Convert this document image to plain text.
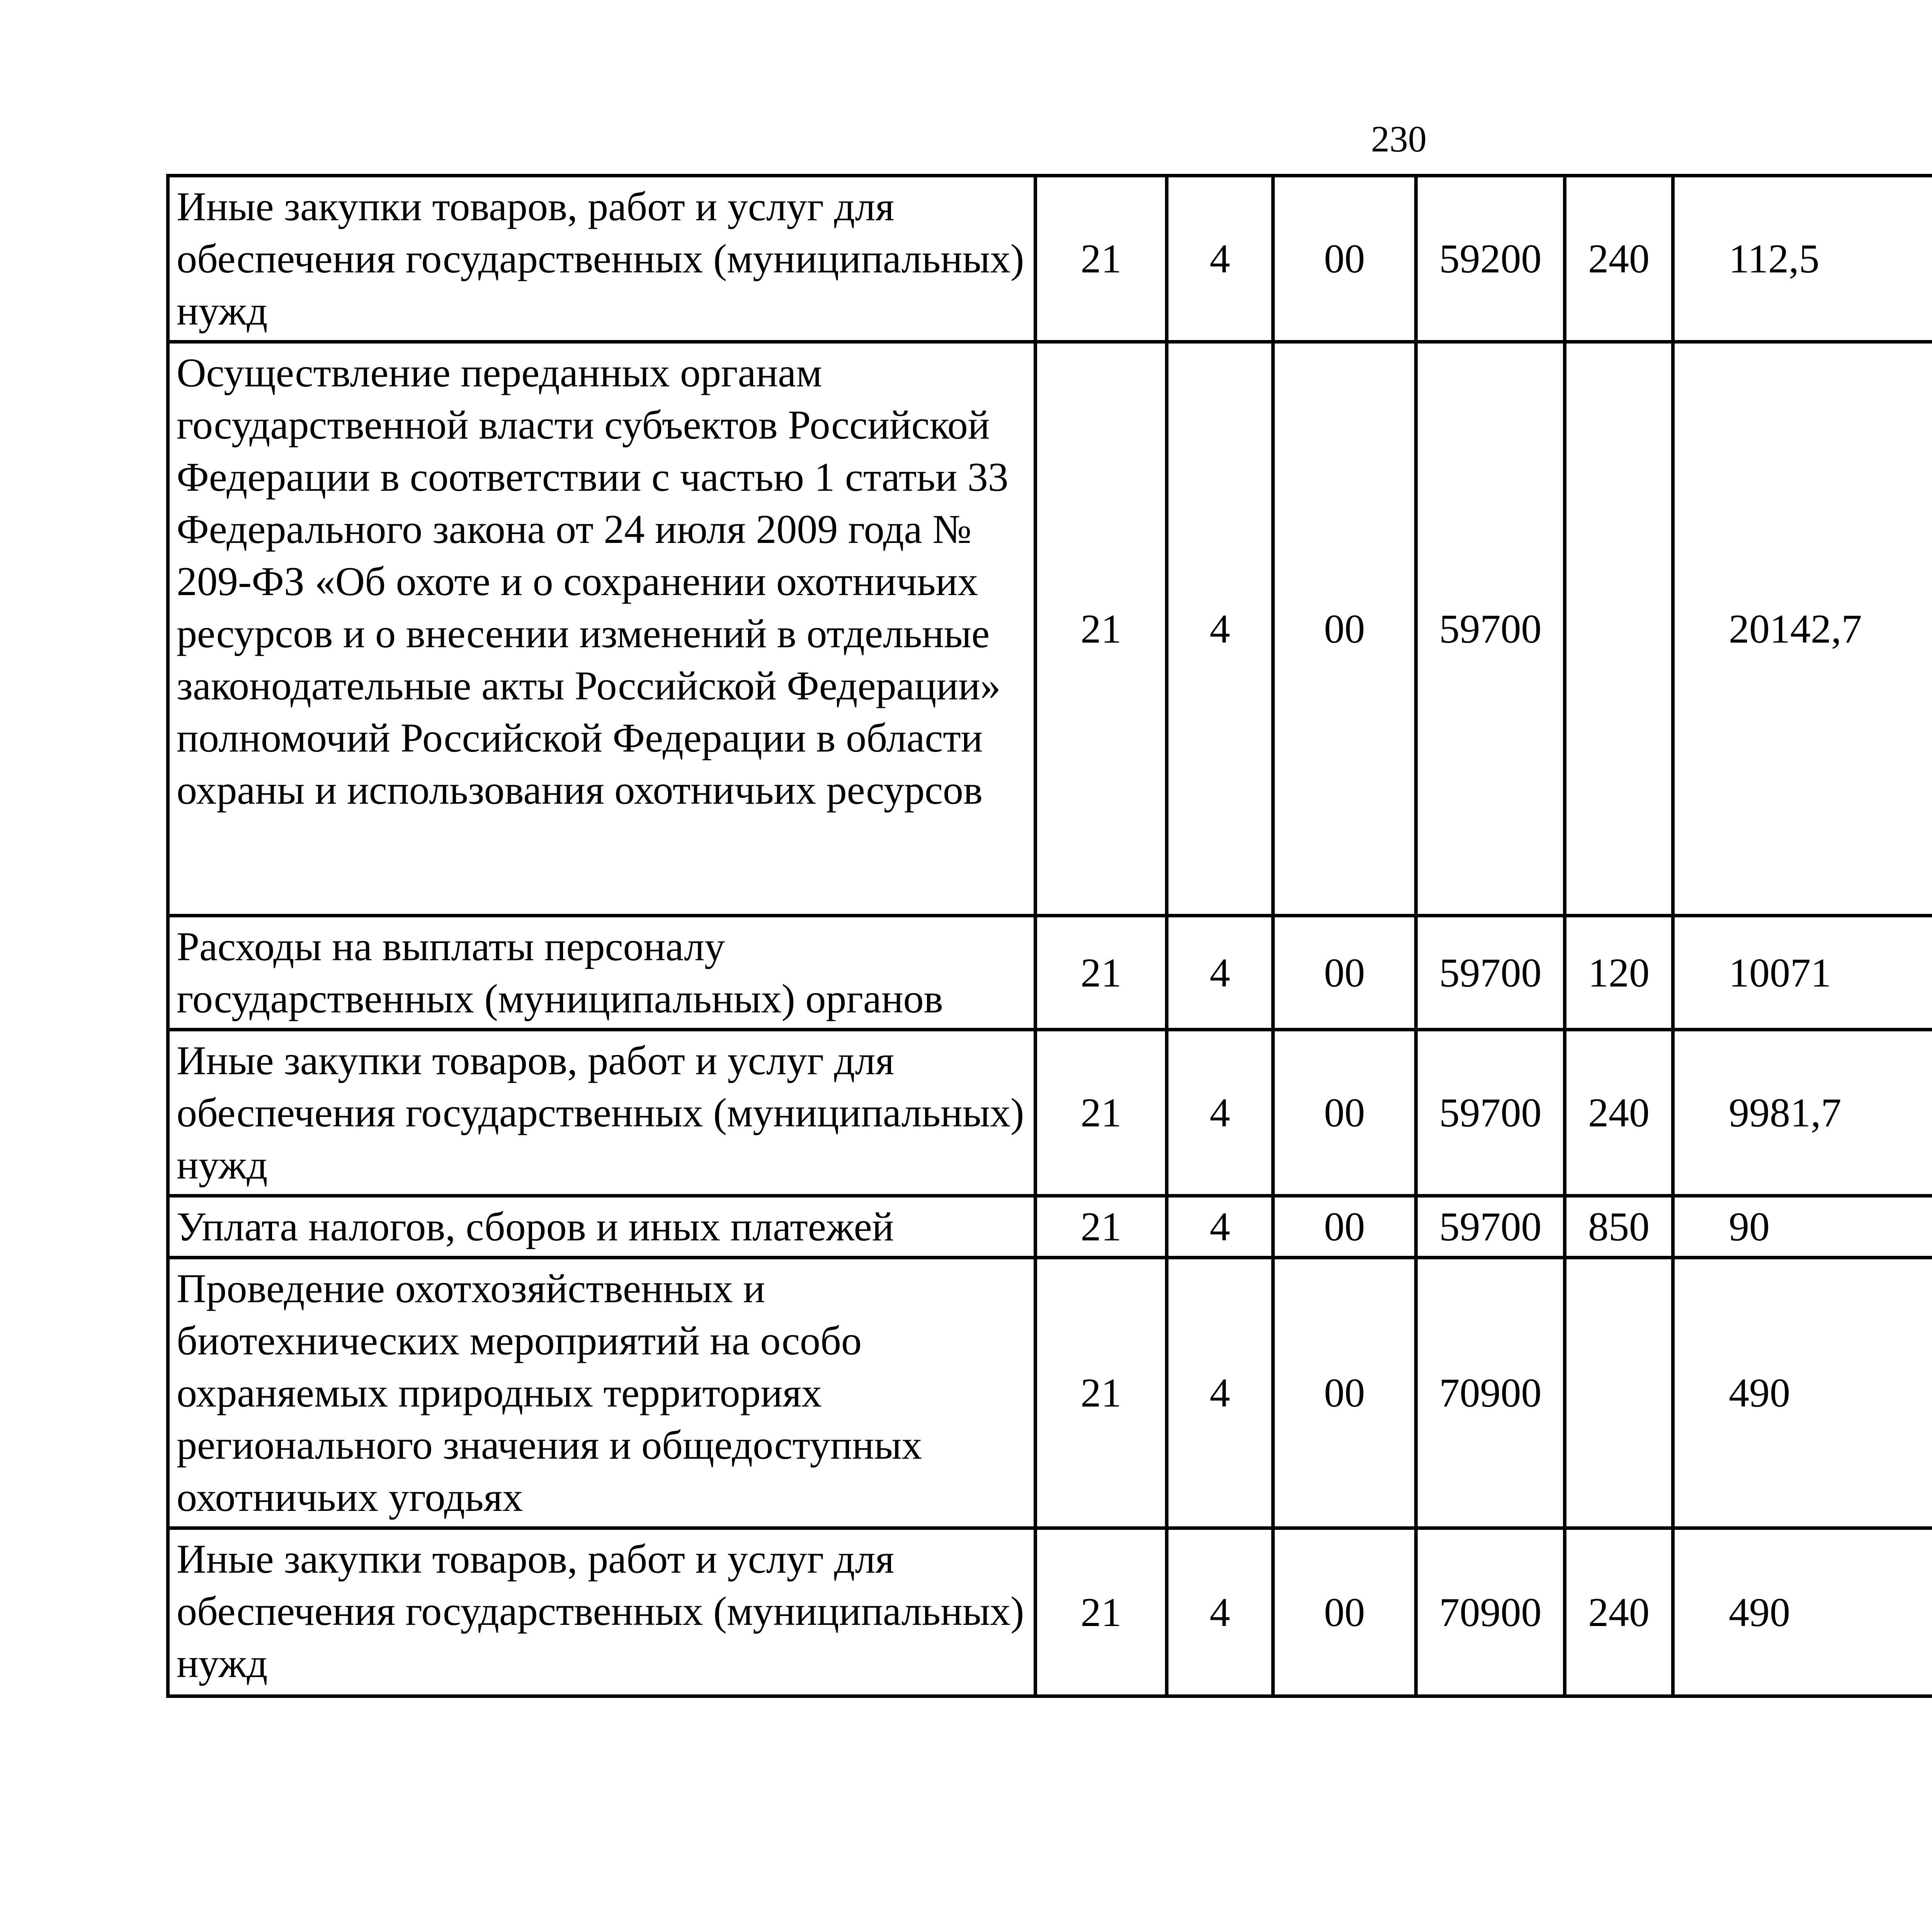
230
Иные закупки товаров, работ и услуг для обеспечения государственных (муниципальных) нужд	21	4	00	59200	240	112,5		
Осуществление переданных органам государственной власти субъектов Российской Федерации в соответствии с частью 1 статьи 33 Федерального закона от 24 июля 2009 года № 209-ФЗ «Об охоте и о сохранении охотничьих ресурсов и о внесении изменений в отдельные законодательные акты Российской Федерации» полномочий Российской Федерации в области охраны и использования охотничьих ресурсов	21	4	00	59700		20142,7		
Расходы на выплаты персоналу государственных (муниципальных) органов	21	4	00	59700	120	10071		
Иные закупки товаров, работ и услуг для обеспечения государственных (муниципальных) нужд	21	4	00	59700	240	9981,7		
Уплата налогов, сборов и иных платежей	21	4	00	59700	850	90		
Проведение охотхозяйственных и биотехнических мероприятий на особо охраняемых природных территориях регионального значения и общедоступных охотничьих угодьях	21	4	00	70900		490		
Иные закупки товаров, работ и услуг для обеспечения государственных (муниципальных) нужд	21	4	00	70900	240	490		
